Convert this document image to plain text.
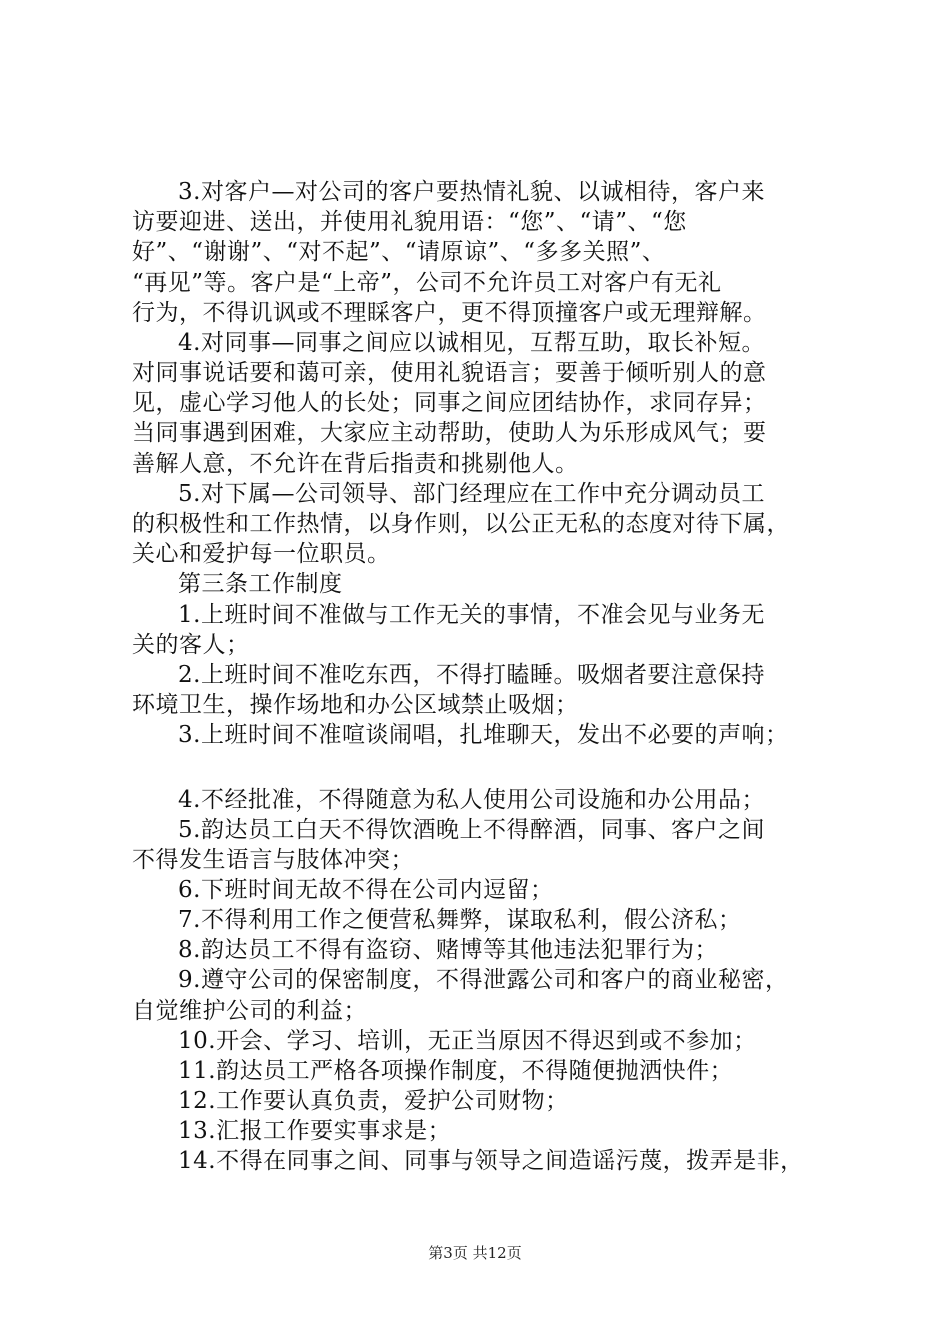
3.对客户—对公司的客户要热情礼貌、以诚相待，客户来
访要迎进、送出，并使用礼貌用语：“您”、“请”、“您
好”、“谢谢”、“对不起”、“请原谅”、“多多关照”、
“再见”等。客户是“上帝”，公司不允许员工对客户有无礼
行为，不得讥讽或不理睬客户，更不得顶撞客户或无理辩解。
4.对同事—同事之间应以诚相见，互帮互助，取长补短。
对同事说话要和蔼可亲，使用礼貌语言；要善于倾听别人的意
见，虚心学习他人的长处；同事之间应团结协作，求同存异；
当同事遇到困难，大家应主动帮助，使助人为乐形成风气；要
善解人意，不允许在背后指责和挑剔他人。
5.对下属—公司领导、部门经理应在工作中充分调动员工
的积极性和工作热情，以身作则，以公正无私的态度对待下属，
关心和爱护每一位职员。
第三条工作制度
1.上班时间不准做与工作无关的事情，不准会见与业务无
关的客人；
2.上班时间不准吃东西，不得打瞌睡。吸烟者要注意保持
环境卫生，操作场地和办公区域禁止吸烟；
3.上班时间不准喧谈闹唱，扎堆聊天，发出不必要的声响；
4.不经批准，不得随意为私人使用公司设施和办公用品；
5.韵达员工白天不得饮酒晚上不得醉酒，同事、客户之间
不得发生语言与肢体冲突；
6.下班时间无故不得在公司内逗留；
7.不得利用工作之便营私舞弊，谋取私利，假公济私；
8.韵达员工不得有盗窃、赌博等其他违法犯罪行为；
9.遵守公司的保密制度，不得泄露公司和客户的商业秘密，
自觉维护公司的利益；
10.开会、学习、培训，无正当原因不得迟到或不参加；
11.韵达员工严格各项操作制度，不得随便抛洒快件；
12.工作要认真负责，爱护公司财物；
13.汇报工作要实事求是；
14.不得在同事之间、同事与领导之间造谣污蔑，拨弄是非，
第3页 共12页
